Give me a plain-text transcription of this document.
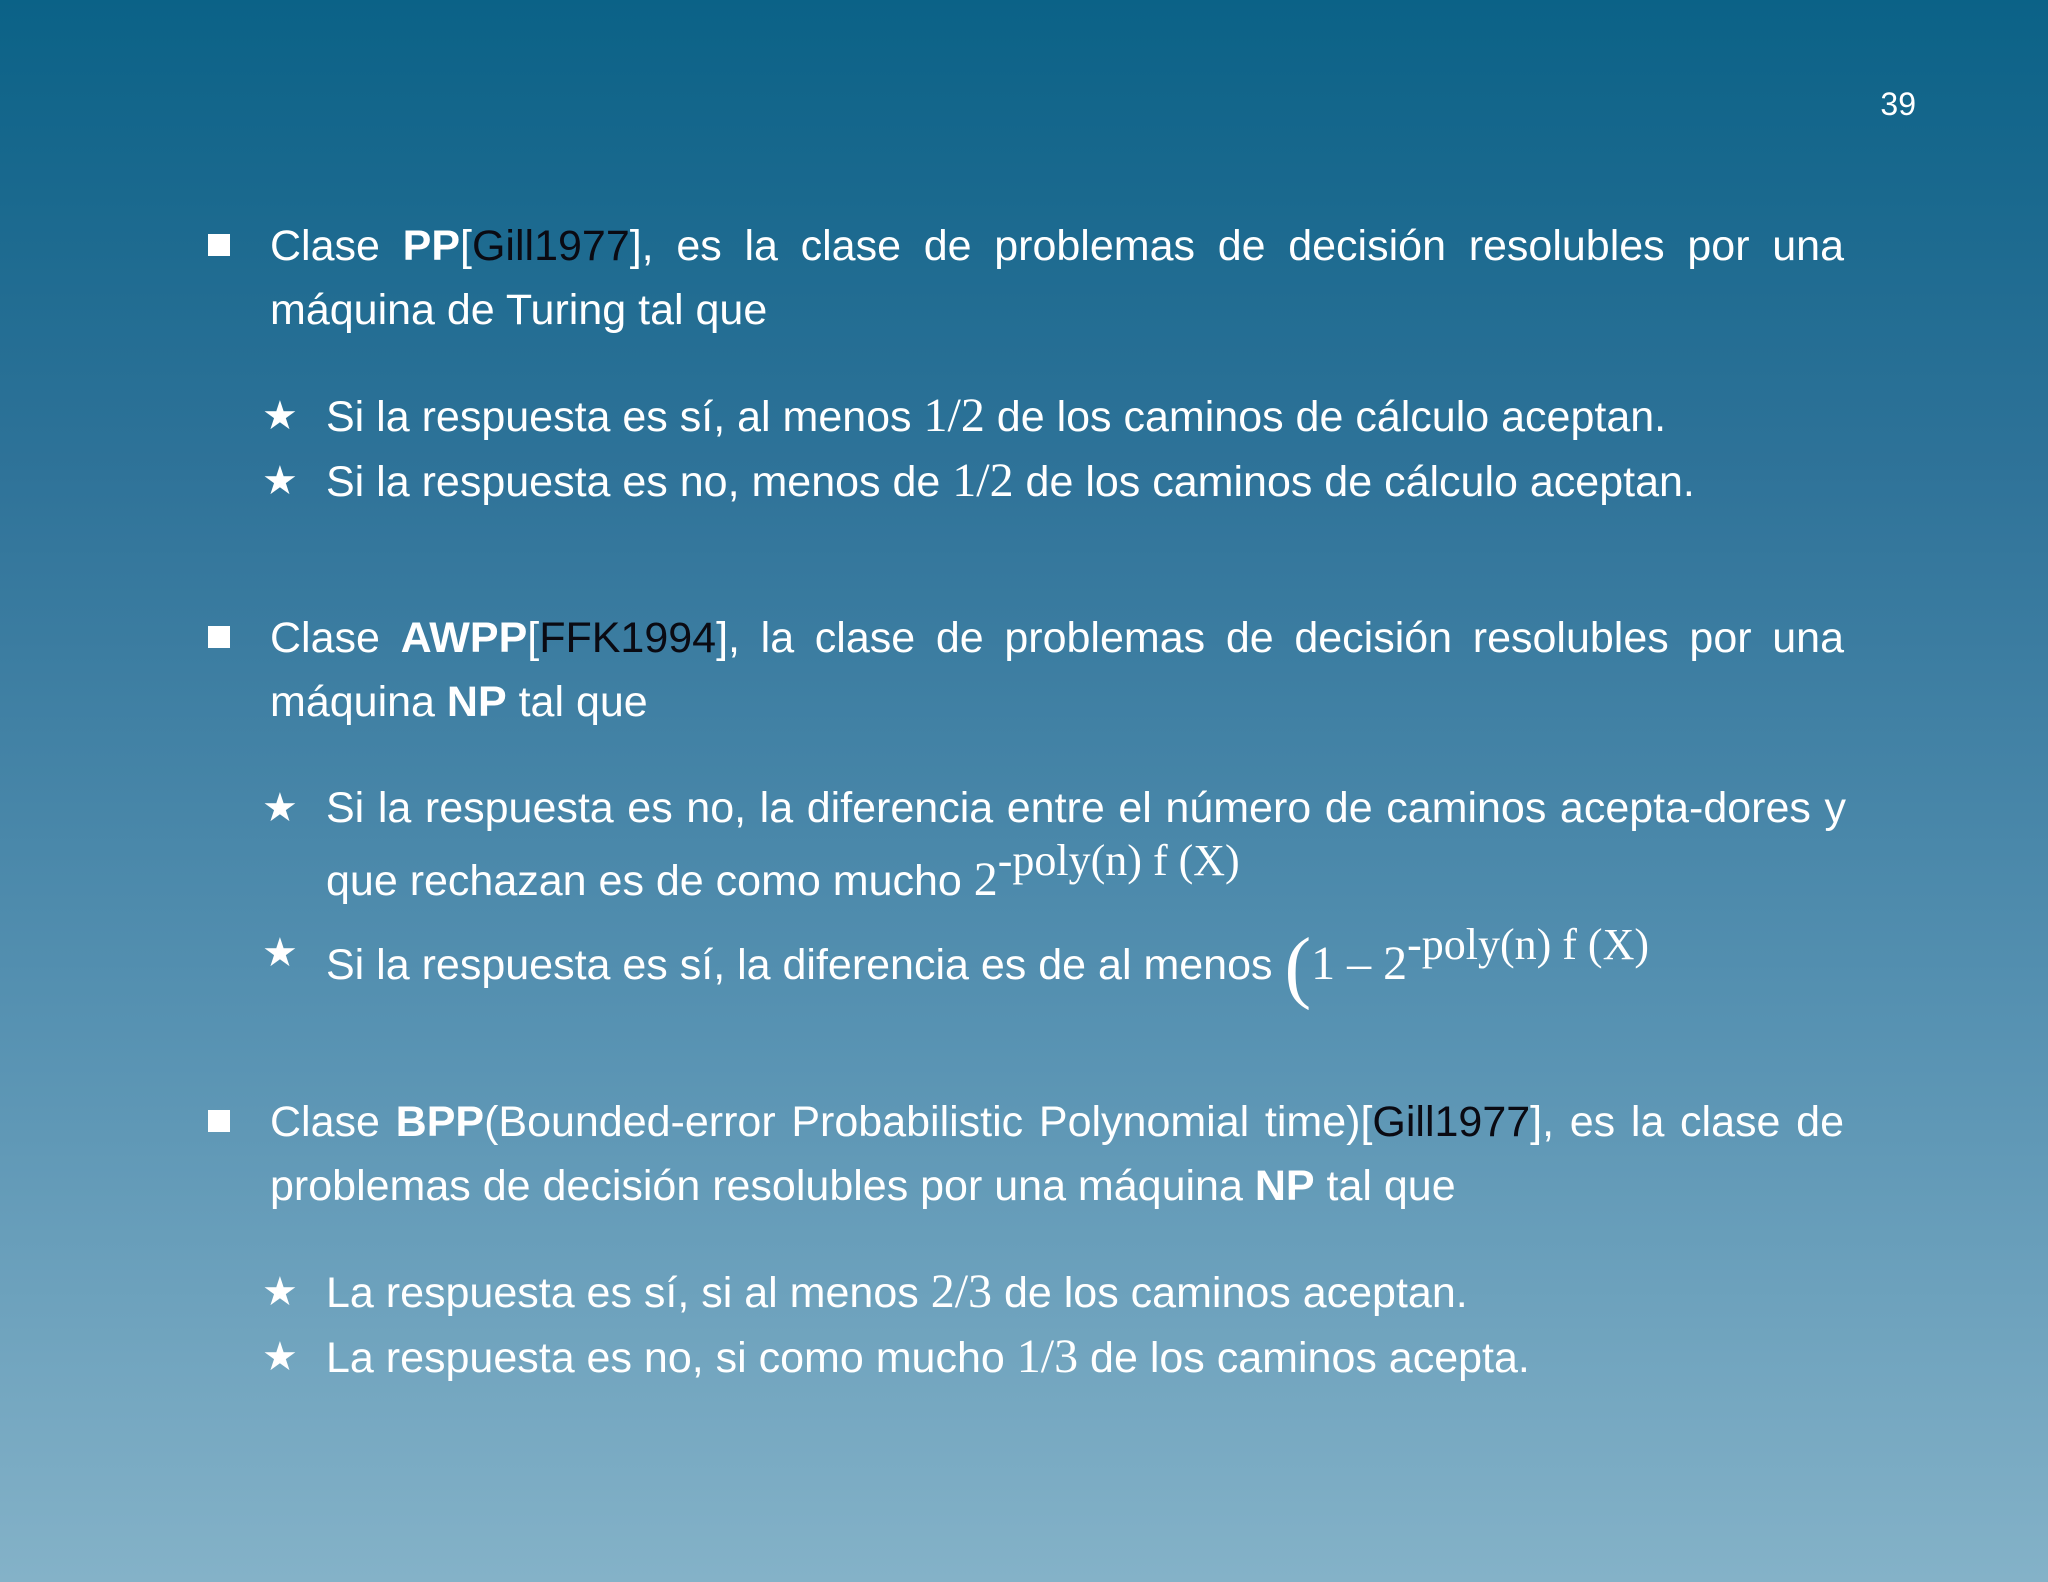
39
Clase PP[Gill1977], es la clase de problemas de decisión resolubles por una máquina de Turing tal que
★ Si la respuesta es sí, al menos 1/2 de los caminos de cálculo aceptan.
★ Si la respuesta es no, menos de 1/2 de los caminos de cálculo aceptan.
Clase AWPP[FFK1994], la clase de problemas de decisión resolubles por una máquina NP tal que
★ Si la respuesta es no, la diferencia entre el número de caminos acepta-dores y que rechazan es de como mucho 2-poly(n) f (X)
★ Si la respuesta es sí, la diferencia es de al menos (1 – 2-poly(n) f (X)
Clase BPP(Bounded-error Probabilistic Polynomial time)[Gill1977], es la clase de problemas de decisión resolubles por una máquina NP tal que
★ La respuesta es sí, si al menos 2/3 de los caminos aceptan.
★ La respuesta es no, si como mucho 1/3 de los caminos acepta.
